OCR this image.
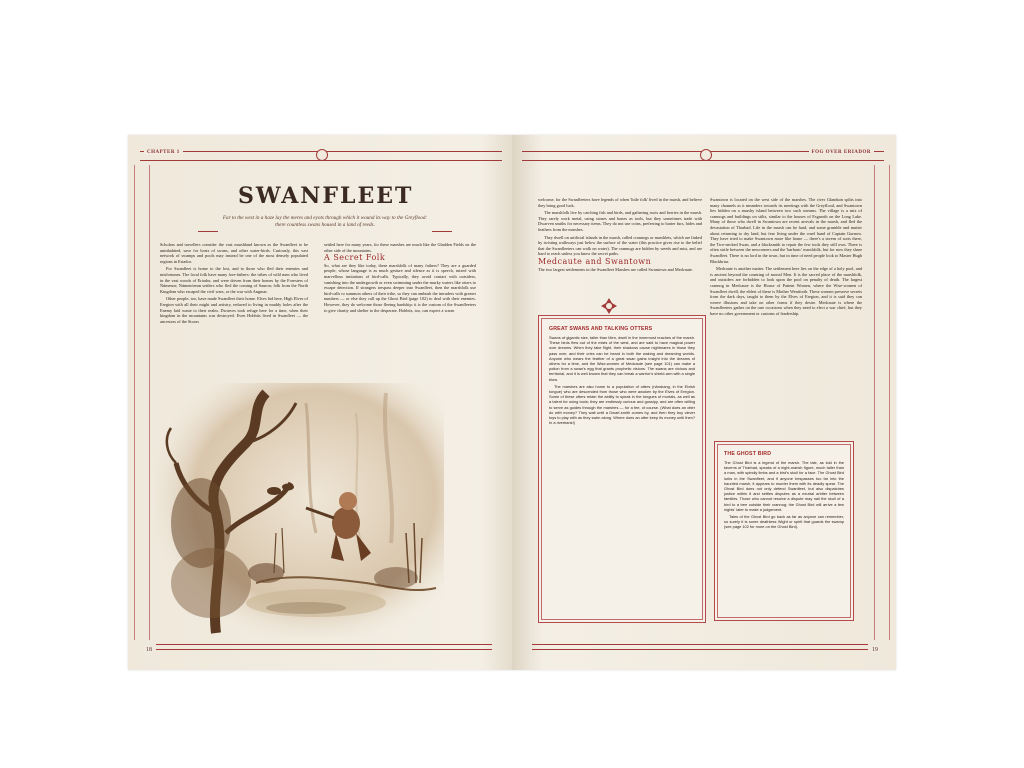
CHAPTER 1
SWANFLEET

Far to the west in a haze lay the meres and eyots through which it wound its way to the Greyflood: there countless swans housed in a land of reeds.

Scholars and travellers consider the vast marshland known as the Swanfleet to be uninhabited, save for hosts of swans, and other water-birds. Curiously, this vast network of swamps and pools may instead be one of the most densely populated regions in Eriador.

For Swanfleet is home to the lost, and to those who fled their enemies and misfortunes. The local folk have many fore-fathers: the tribes of wild men who lived in the vast woods of Eriador, and were driven from their homes by the Foresters of Númenor; Númenórean settlers who fled the coming of Sauron; folk from the North Kingdom who escaped the civil wars, or the war with Angmar.

Other people, too, have made Swanfleet their home. Elves hid here, High Elves of Eregion with all their might and artistry, reduced to living in muddy holes after the Enemy laid waste to their realm. Dwarves took refuge here for a time, when their kingdom in the mountains was destroyed. Even Hobbits lived in Swanfleet — the ancestors of the Stoors

settled here for many years, for these marshes are much like the Gladden Fields on the other side of the mountains.

A Secret Folk

So, what are they like today, these marshfolk of many fathers? They are a guarded people, whose language is as much gesture and silence as it is speech, mixed with marvellous imitations of bird-calls. Typically, they avoid contact with outsiders, vanishing into the undergrowth or even swimming under the murky waters like otters to escape detection. If strangers trespass deeper into Swanfleet, then the marshfolk use bird-calls to summon others of their tribe, so they can ambush the intruders with greater numbers — or else they call up the Ghost Bird (page 102) to deal with their enemies. However, they do welcome those fleeing hardship: it is the custom of the Swanfleeters to give charity and shelter to the desperate. Hobbits, too, can expect a warm

18
FOG OVER ERIADOR

welcome, for the Swanfleeters have legends of when 'little folk' lived in the marsh, and believe they bring good luck.

The marshfolk live by catching fish and birds, and gathering roots and berries in the marsh. They rarely work metal, using stones and bones as tools, but they sometimes trade with Dwarven smiths for necessary items. They do not use coins, preferring to barter furs, hides and feathers from the marshes.

They dwell on artificial islands in the marsh, called crannogs or marshlets, which are linked by twisting walkways just below the surface of the water (this practice gives rise to the belief that the Swanfleeters can walk on water). The crannogs are hidden by weeds and mist, and are hard to reach unless you know the secret paths.

Medcaute and Swantown

The two largest settlements in the Swanfleet Marshes are called Swantown and Medcaute.

Swantown is located on the west side of the marshes. The river Glanduin splits into many channels as it meanders towards its meetings with the Greyflood, and Swantown lies hidden on a marshy island between two such streams. The village is a mix of crannogs and buildings on stilts, similar to the houses of Esgaroth on the Long Lake. Many of those who dwell in Swantown are recent arrivals in the marsh, and fled the devastation of Tharbad. Life in the marsh can be hard, and some grumble and mutter about returning to dry land, but fear living under the cruel hand of Captain Gurnow. They have tried to make Swantown more like home — there's a tavern of sorts there, the Two-necked Swan, and a blacksmith to repair the few tools they still own. There is often strife between the newcomers and the 'barbaric' marshfolk, but for now they share Swanfleet. There is no lord in the town, but in time of need people look to Master Hugh Blackbriar.

Medcaute is another matter. The settlement here lies on the edge of a holy pool, and is ancient beyond the counting of mortal Men. It is the sacred place of the marshfolk, and outsiders are forbidden to look upon the pool on penalty of death. The largest crannog in Medcaute is the House of Patient Women, where the Wise-women of Swanfleet dwell, the eldest of these is Mother Wentforth. These women preserve secrets from the dark days, taught to them by the Elves of Eregion, and it is said they can weave illusions and take on other forms if they desire. Medcaute is where the Swanfleeters gather on the rare occasions when they need to elect a war chief, but they have no other government or customs of leadership.

GREAT SWANS AND TALKING OTTERS

Swans of gigantic size, taller than Men, dwell in the innermost reaches of the marsh. These birds flew out of the mists of the west, and are said to have magical power over dreams. When they take flight, their shadows cause nightmares in those they pass over, and their cries can be heard in both the waking and dreaming worlds. Anyone who wears the feather of a great swan gains insight into the dreams of others for a time, and the Wise-women of Medcaute (see page 101) can make a potion from a swan's egg that grants prophetic visions. The swans are vicious and territorial, and it is well known that they can break a warrior's shield-arm with a single blow.

The marshes are also home to a population of otters (nândrang, in the Elvish tongue) who are descended from those who were awoken by the Elves of Eregion. Some of these otters retain the ability to speak in the tongues of mortals, as well as a talent for using tools; they are endlessly curious and gossipy, and are often willing to serve as guides through the marshes — for a fee, of course. (What does an otter do with money? They wait until a Dwarf-smith comes by, and then they buy clever toys to play with as they swim along. Where does an otter keep its money until then? In a riverbank!)

THE GHOST BIRD

The Ghost Bird is a legend of the marsh. The tale, as told in the taverns of Tharbad, speaks of a night-marish figure, much taller than a man, with spindly limbs and a bird's skull for a face. The Ghost Bird lurks in the Swanfleet, and if anyone trespasses too far into the haunted marsh, it appears to murder them with its deadly spear. The Ghost Bird does not only defend Swanfleet, but also dispatches justice within it and settles disputes as a neutral arbiter between families. Those who cannot resolve a dispute may nail the skull of a bird to a tree outside their crannog; the Ghost Bird will arrive a few nights' later to make a judgement.

Tales of the Ghost Bird go back as far as anyone can remember, so surely it is some deathless Wight or spirit that guards the swamp (see page 102 for more on the Ghost Bird).

19
